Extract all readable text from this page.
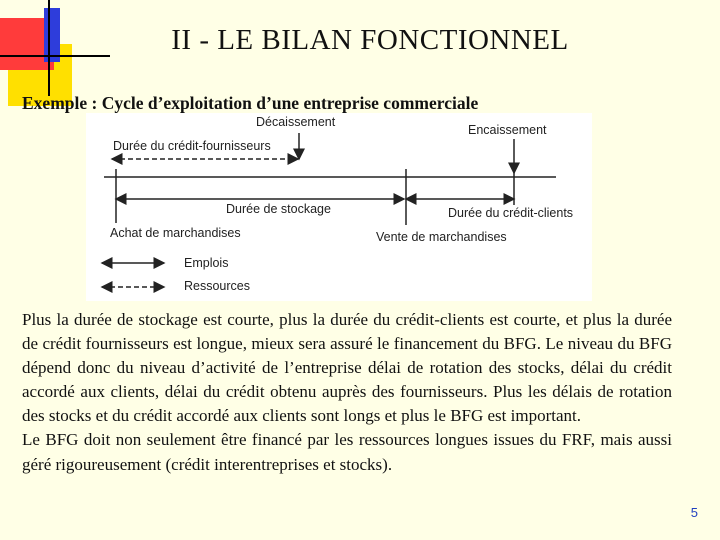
II - LE BILAN FONCTIONNEL
Exemple : Cycle d’exploitation d’une entreprise commerciale
Décaissement
Encaissement
Durée du crédit-fournisseurs
Durée de stockage	Durée du crédit-clients
Achat de marchandises	Vente de marchandises
Emplois
Ressources

Plus la durée de stockage est courte, plus la durée du crédit-clients est courte, et plus la durée de crédit fournisseurs est longue, mieux sera assuré le financement du BFG. Le niveau du BFG dépend donc du niveau d’activité de l’entreprise délai de rotation des stocks, délai du crédit accordé aux clients, délai du crédit obtenu auprès des fournisseurs. Plus les délais de rotation des stocks et du crédit accordé aux clients sont longs et plus le BFG est important.

Le BFG doit non seulement être financé par les ressources longues issues du FRF, mais aussi géré rigoureusement (crédit interentreprises et stocks).

5
